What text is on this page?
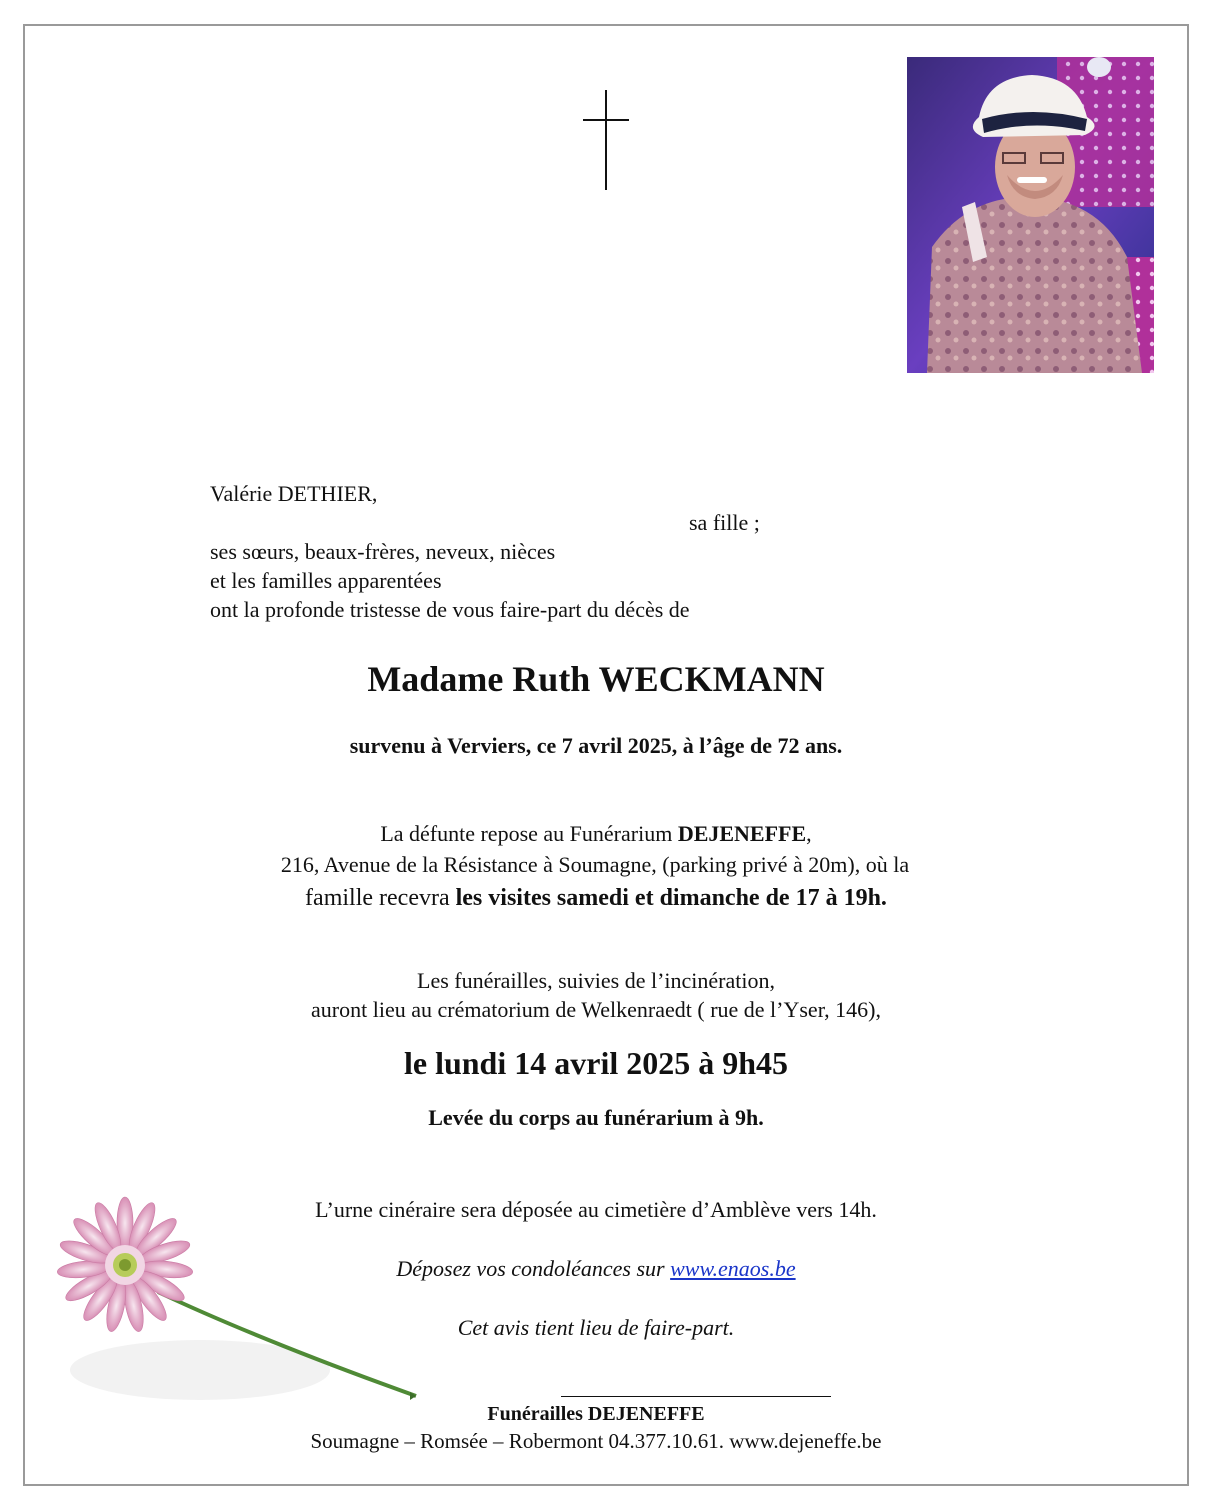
Valérie DETHIER,
sa fille ;
ses sœurs, beaux-frères, neveux, nièces
et les familles apparentées
ont la profonde tristesse de vous faire-part du décès de
Madame Ruth WECKMANN
survenu à Verviers, ce 7 avril 2025, à l’âge de 72 ans.
La défunte repose au Funérarium DEJENEFFE,
216, Avenue de la Résistance à Soumagne, (parking privé à 20m), où la
famille recevra les visites samedi et dimanche de 17 à 19h.
Les funérailles, suivies de l’incinération,
auront lieu au crématorium de Welkenraedt ( rue de l’Yser, 146),
le lundi 14 avril 2025 à 9h45
Levée du corps au funérarium à 9h.
L’urne cinéraire sera déposée au cimetière d’Amblève vers 14h.
Déposez vos condoléances sur www.enaos.be
Cet avis tient lieu de faire-part.
Funérailles DEJENEFFE
Soumagne – Romsée – Robermont 04.377.10.61. www.dejeneffe.be
